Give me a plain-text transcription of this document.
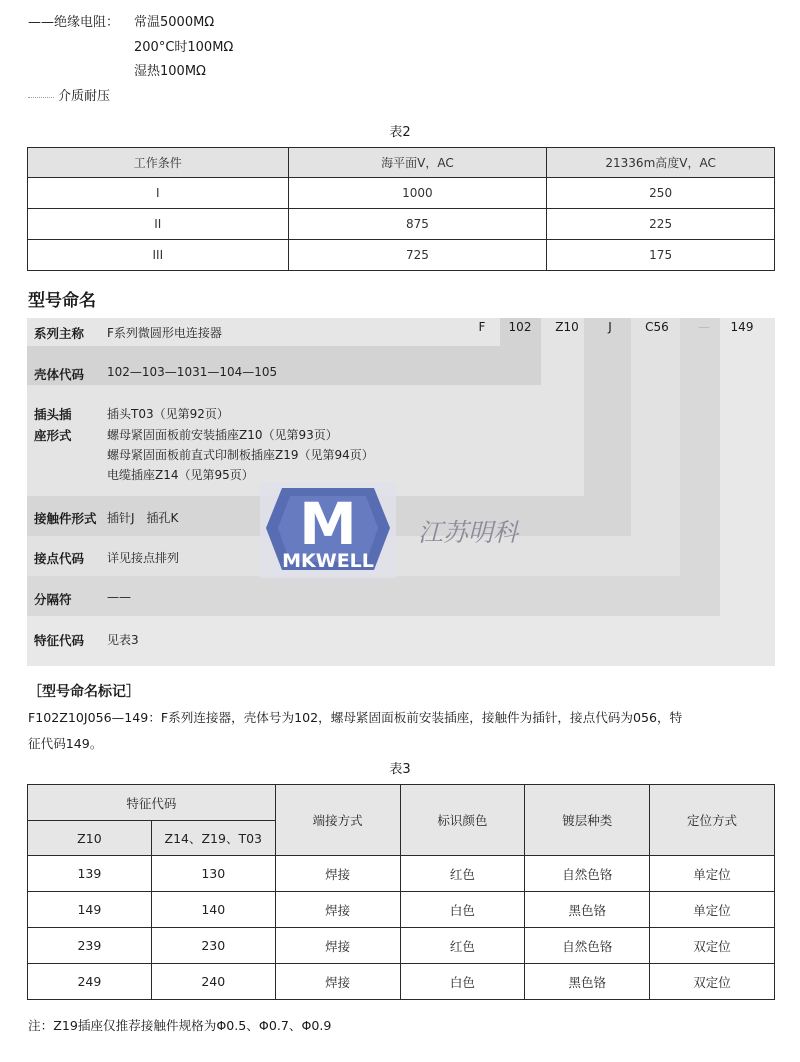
——绝缘电阻： 常温5000MΩ
200°C时100MΩ
湿热100MΩ
介质耐压
表2
工作条件	海平面V，AC	21336m高度V，AC
I	1000	250
II	875	225
III	725	175
型号命名
F	102	Z10	J	C56	—	149
系列主称 F系列微圆形电连接器
壳体代码 102—103—1031—104—105
插头插
座形式
插头T03（见第92页）
螺母紧固面板前安装插座Z10（见第93页）
螺母紧固面板前直式印制板插座Z19（见第94页）
电缆插座Z14（见第95页）
接触件形式 插针J　插孔K
接点代码 详见接点排列
分隔符	——
特征代码 见表3
M
MKWELL
江苏明科
［型号命名标记］
F102Z10J056—149：F系列连接器，壳体号为102，螺母紧固面板前安装插座，接触件为插针，接点代码为056，特
征代码149。
表3
特征代码		端接方式	标识颜色	镀层种类	定位方式
Z10	Z14、Z19、T03				
139	130	焊接	红色	自然色铬	单定位
149	140	焊接	白色	黑色铬	单定位
239	230	焊接	红色	自然色铬	双定位
249	240	焊接	白色	黑色铬	双定位
注：Z19插座仅推荐接触件规格为Φ0.5、Φ0.7、Φ0.9
